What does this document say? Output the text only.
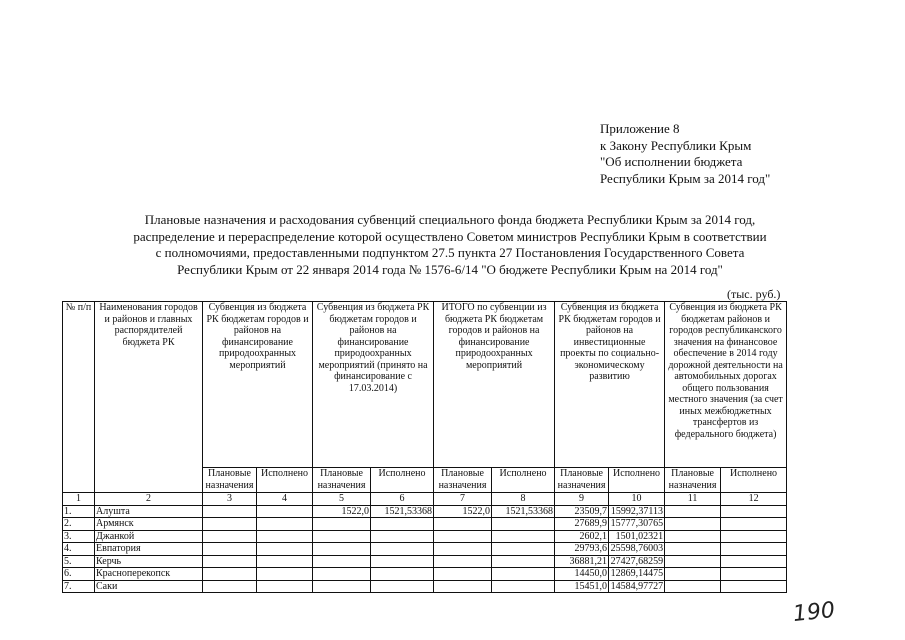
Приложение 8
к Закону Республики Крым
"Об исполнении бюджета
Республики Крым за 2014 год"
Плановые назначения и расходования субвенций специального фонда бюджета Республики Крым за 2014 год,
распределение и перераспределение которой осуществлено Советом министров Республики Крым в соответствии
с полномочиями, предоставленными подпунктом 27.5 пункта 27 Постановления Государственного Совета
Республики Крым от 22 января 2014 года № 1576-6/14 "О бюджете Республики Крым на 2014 год"
(тыс. руб.)
№ п/п	Наименования городов и районов и главных распорядителей бюджета РК	Субвенция из бюджета РК бюджетам городов и районов на финансирование природоохранных мероприятий		Субвенция из бюджета РК бюджетам городов и районов на финансирование природоохранных мероприятий (принято на финансирование с 17.03.2014)		ИТОГО по субвенции из бюджета РК бюджетам городов и районов на финансирование природоохранных мероприятий		Субвенция из бюджета РК бюджетам городов и районов на инвестиционные проекты по социально-экономическому развитию		Субвенция из бюджета РК бюджетам районов и городов республиканского значения на финансовое обеспечение в 2014 году дорожной деятельности на автомобильных дорогах общего пользования местного значения (за счет иных межбюджетных трансфертов из федерального бюджета)	
		Плановые назначения	Исполнено	Плановые назначения	Исполнено	Плановые назначения	Исполнено	Плановые назначения	Исполнено	Плановые назначения	Исполнено
1	2	3	4	5	6	7	8	9	10	11	12
1.	Алушта			1522,0	1521,53368	1522,0	1521,53368	23509,7	15992,37113		
2.	Армянск							27689,9	15777,30765		
3.	Джанкой							2602,1	1501,02321		
4.	Евпатория							29793,6	25598,76003		
5.	Керчь							36881,21	27427,68259		
6.	Красноперекопск							14450,0	12869,14475		
7.	Саки							15451,0	14584,97727		
190
